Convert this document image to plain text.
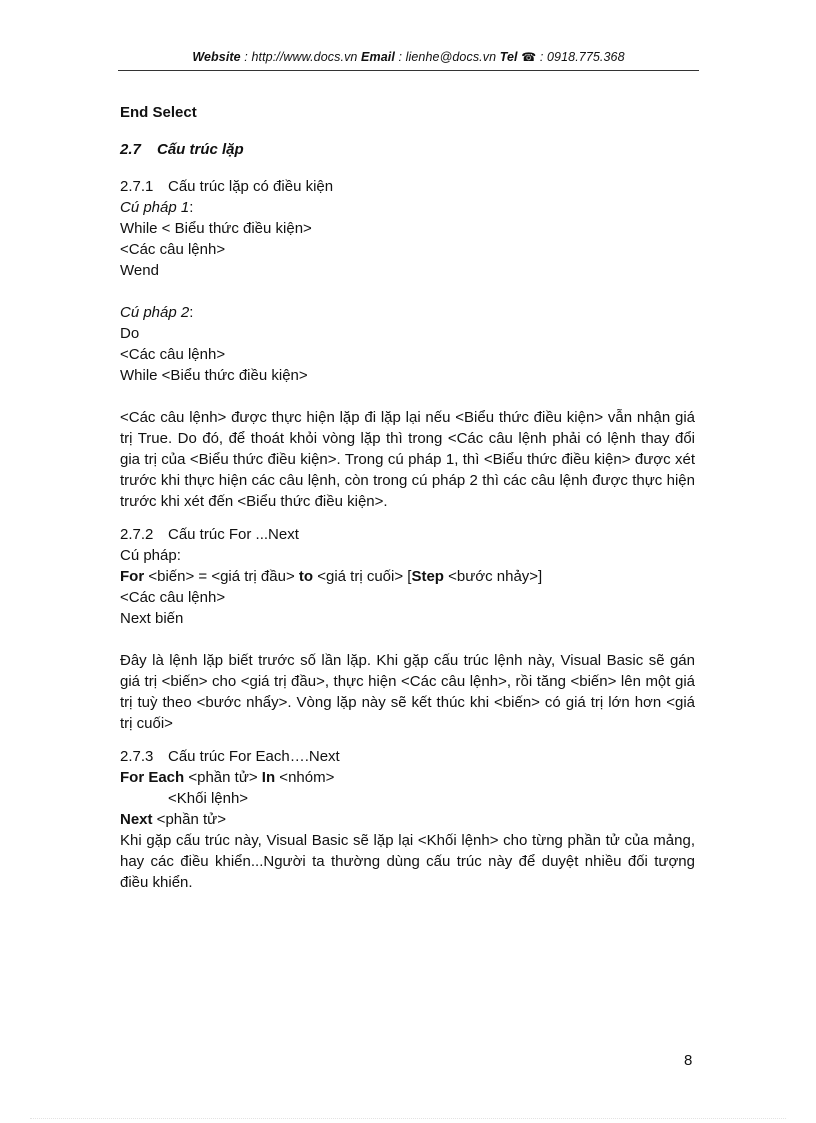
Website : http://www.docs.vn Email : lienhe@docs.vn Tel ☎ : 0918.775.368

End Select

2.7 Cấu trúc lặp

2.7.1 Cấu trúc lặp có điều kiện

Cú pháp 1:

While < Biểu thức điều kiện>

<Các câu lệnh>

Wend

Cú pháp 2:

Do

<Các câu lệnh>

While <Biểu thức điều kiện>

<Các câu lệnh> được thực hiện lặp đi lặp lại nếu <Biểu thức điều kiện> vẫn nhận giá trị True. Do đó, để thoát khỏi vòng lặp thì trong <Các câu lệnh phải có lệnh thay đổi gia trị của <Biểu thức điều kiện>. Trong cú pháp 1, thì <Biểu thức điều kiện> được xét trước khi thực hiện các câu lệnh, còn trong cú pháp 2 thì các câu lệnh được thực hiện trước khi xét đến <Biểu thức điều kiện>.

2.7.2 Cấu trúc For ...Next

Cú pháp:

For <biến> = <giá trị đầu> to <giá trị cuối> [Step <bước nhảy>]

<Các câu lệnh>

Next biến

Đây là lệnh lặp biết trước số lần lặp. Khi gặp cấu trúc lệnh này, Visual Basic sẽ gán giá trị <biến> cho <giá trị đầu>, thực hiện <Các câu lệnh>, rồi tăng <biến> lên một giá trị tuỳ theo <bước nhẩy>. Vòng lặp này sẽ kết thúc khi <biến> có giá trị lớn hơn <giá trị cuối>

2.7.3 Cấu trúc For Each….Next

For Each <phần tử> In <nhóm>

<Khối lệnh>

Next <phần tử>

Khi gặp cấu trúc này, Visual Basic sẽ lặp lại <Khối lệnh> cho từng phần tử của mảng, hay các điều khiển...Người ta thường dùng cấu trúc này để duyệt nhiều đối tượng điều khiển.

8
